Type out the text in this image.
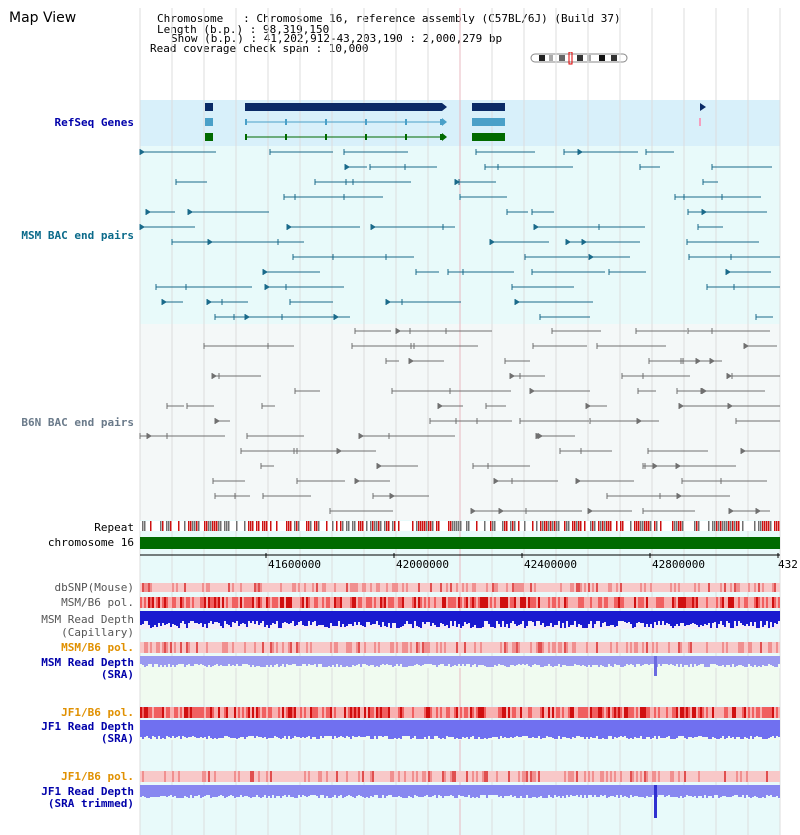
Map View	Chromosome   : Chromosome 16, reference assembly (C57BL/6J) (Build 37)
Length (b.p.) : 98,319,150
Show (b.p.) : 41,202,912-43,203,190 : 2,000,279 bp
Read coverage check span : 10,000
RefSeq Genes
MSM BAC end pairs
B6N BAC end pairs
Repeat
chromosome 16
dbSNP(Mouse)
MSM/B6 pol.
MSM Read Depth
(Capillary)
MSM/B6 pol.
MSM Read Depth
(SRA)
JF1/B6 pol.
JF1 Read Depth
(SRA)
JF1/B6 pol.
JF1 Read Depth
(SRA trimmed)
41600000	42000000	42400000	42800000	432
